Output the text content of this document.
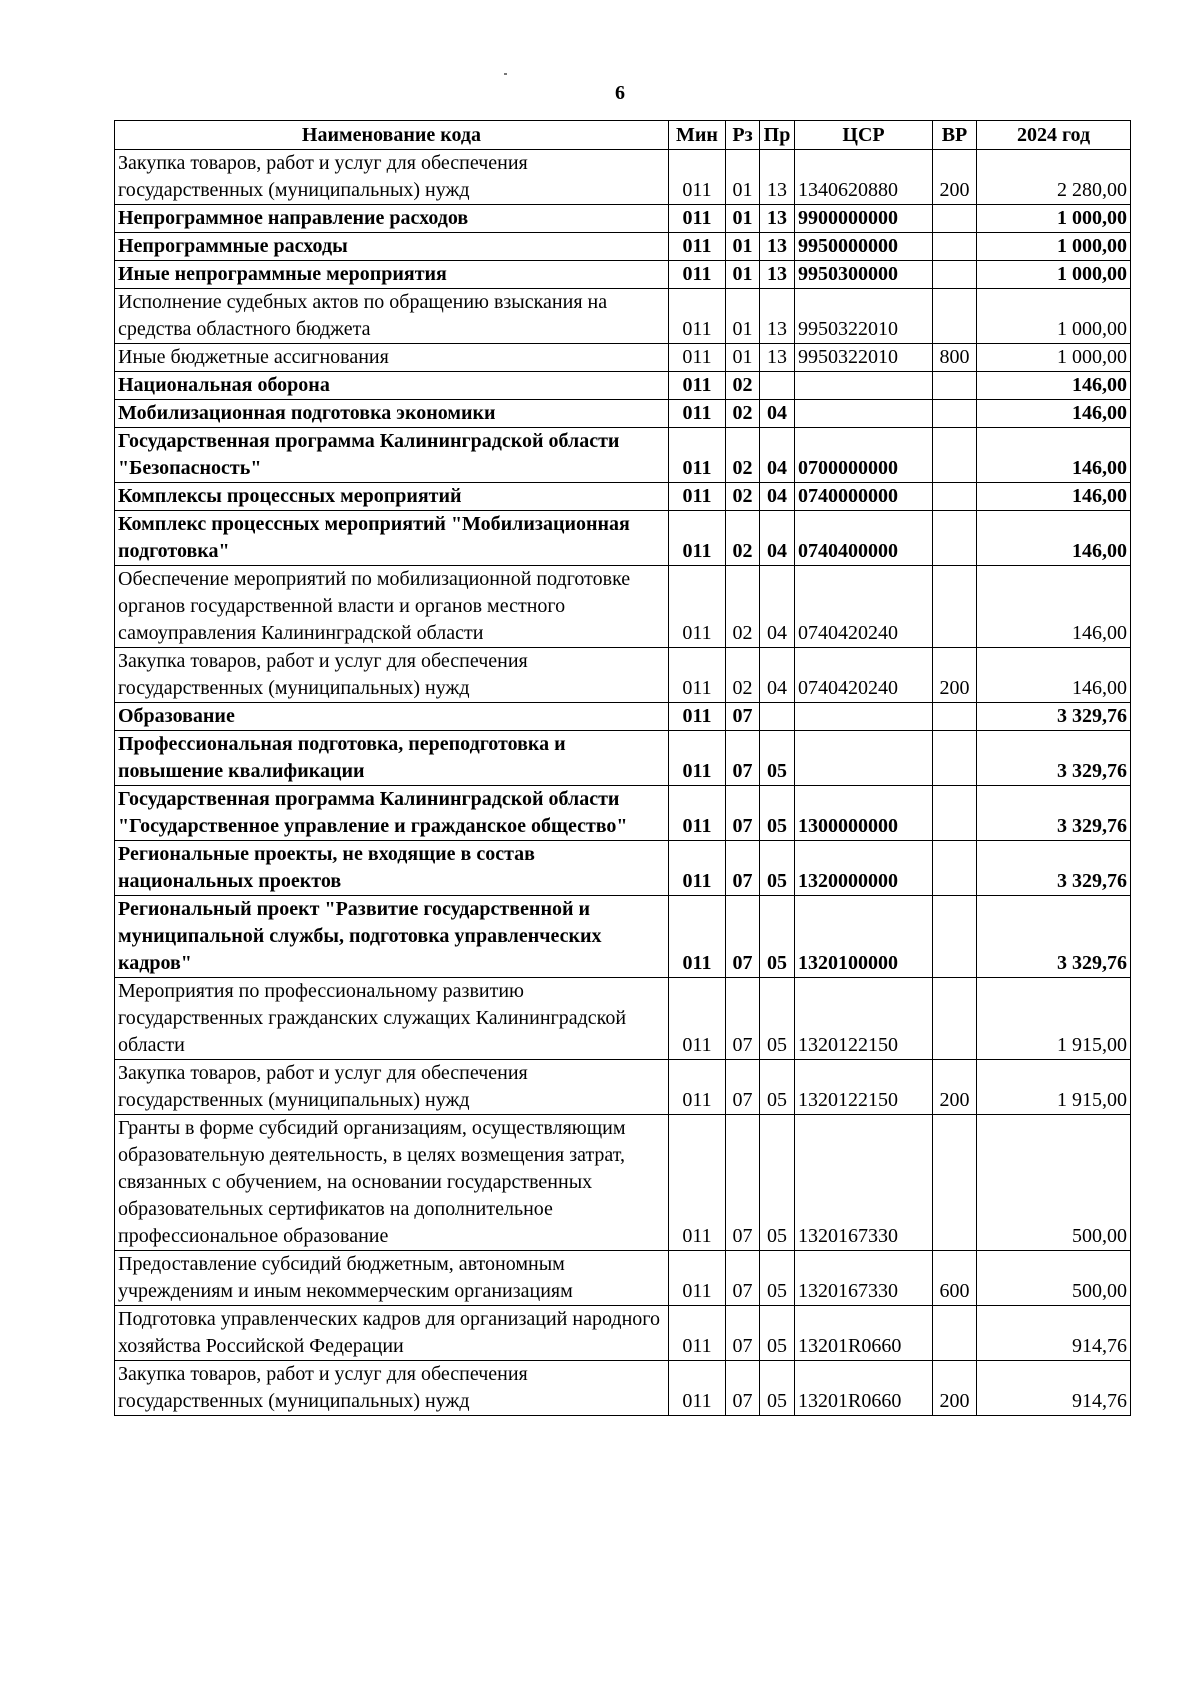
6
Наименование кода	Мин	Рз	Пр	ЦСР	ВР	2024 год
Закупка товаров, работ и услуг для обеспечения государственных (муниципальных) нужд	011	01	13	1340620880	200	2 280,00
Непрограммное направление расходов	011	01	13	9900000000		1 000,00
Непрограммные расходы	011	01	13	9950000000		1 000,00
Иные непрограммные мероприятия	011	01	13	9950300000		1 000,00
Исполнение судебных актов по обращению взыскания на средства областного бюджета	011	01	13	9950322010		1 000,00
Иные бюджетные ассигнования	011	01	13	9950322010	800	1 000,00
Национальная оборона	011	02				146,00
Мобилизационная подготовка экономики	011	02	04			146,00
Государственная программа Калининградской области "Безопасность"	011	02	04	0700000000		146,00
Комплексы процессных мероприятий	011	02	04	0740000000		146,00
Комплекс процессных мероприятий "Мобилизационная подготовка"	011	02	04	0740400000		146,00
Обеспечение мероприятий по мобилизационной подготовке органов государственной власти и органов местного самоуправления Калининградской области	011	02	04	0740420240		146,00
Закупка товаров, работ и услуг для обеспечения государственных (муниципальных) нужд	011	02	04	0740420240	200	146,00
Образование	011	07				3 329,76
Профессиональная подготовка, переподготовка и повышение квалификации	011	07	05			3 329,76
Государственная программа Калининградской области "Государственное управление и гражданское общество"	011	07	05	1300000000		3 329,76
Региональные проекты, не входящие в состав национальных проектов	011	07	05	1320000000		3 329,76
Региональный проект "Развитие государственной и муниципальной службы, подготовка управленческих кадров"	011	07	05	1320100000		3 329,76
Мероприятия по профессиональному развитию государственных гражданских служащих Калининградской области	011	07	05	1320122150		1 915,00
Закупка товаров, работ и услуг для обеспечения государственных (муниципальных) нужд	011	07	05	1320122150	200	1 915,00
Гранты в форме субсидий организациям, осуществляющим образовательную деятельность, в целях возмещения затрат, связанных с обучением, на основании государственных образовательных сертификатов на дополнительное профессиональное образование	011	07	05	1320167330		500,00
Предоставление субсидий бюджетным, автономным учреждениям и иным некоммерческим организациям	011	07	05	1320167330	600	500,00
Подготовка управленческих кадров для организаций народного хозяйства Российской Федерации	011	07	05	13201R0660		914,76
Закупка товаров, работ и услуг для обеспечения государственных (муниципальных) нужд	011	07	05	13201R0660	200	914,76
